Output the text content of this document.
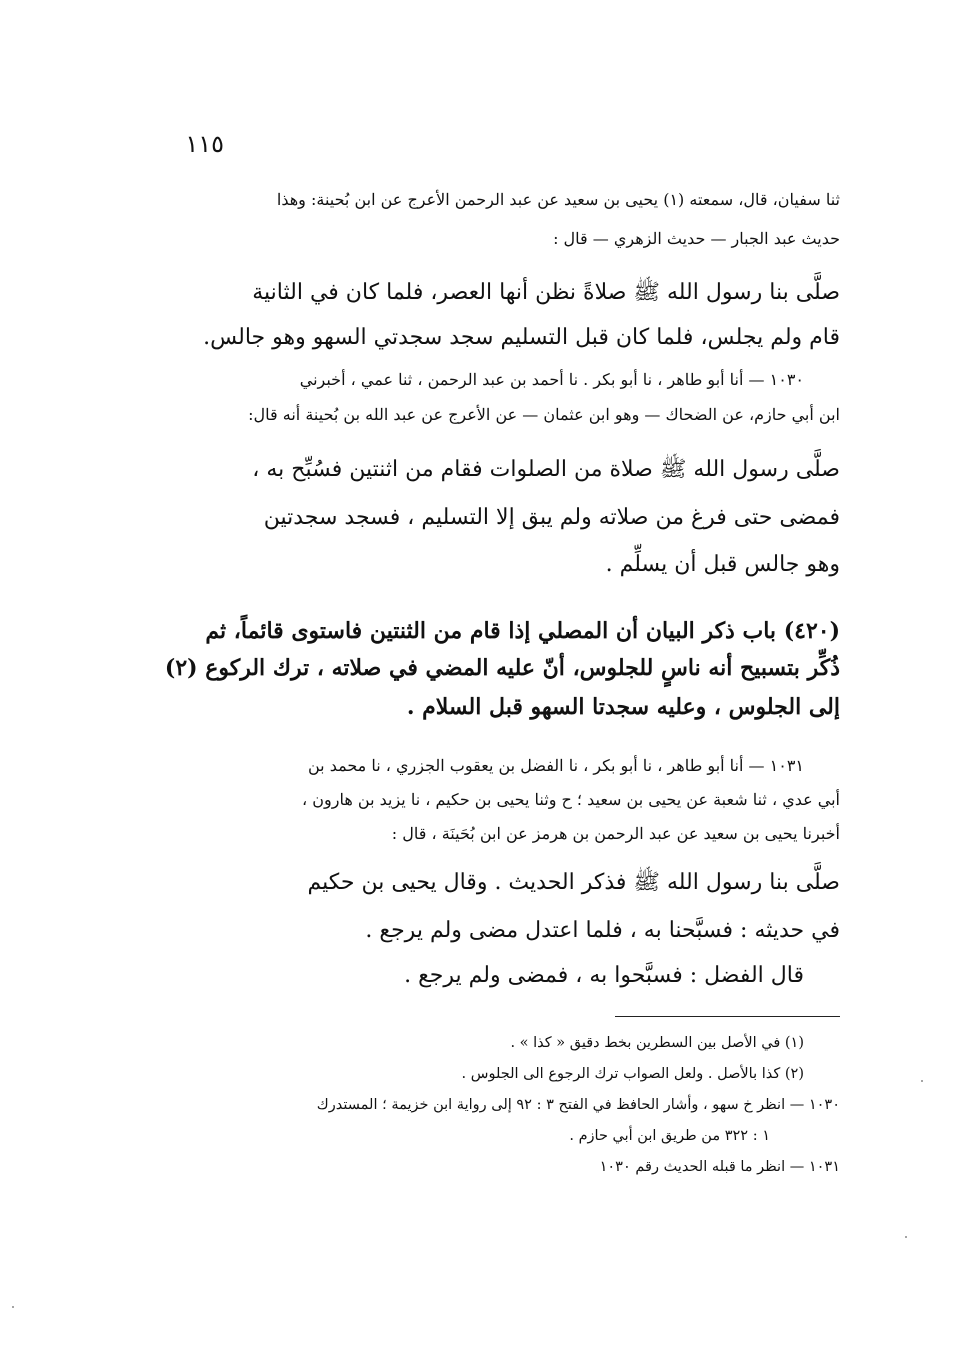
١١٥
ثنا سفيان، قال، سمعته (١) يحيى بن سعيد عن عبد الرحمن الأعرج عن ابن بُحينة: وهذا
حديث عبد الجبار — حديث الزهري — قال :
صلَّى بنا رسول الله ﷺ صلاةً نظن أنها العصر، فلما كان في الثانية
قام ولم يجلس، فلما كان قبل التسليم سجد سجدتي السهو وهو جالس.
١٠٣٠ — أنا أبو طاهر ، نا أبو بكر . نا أحمد بن عبد الرحمن ، ثنا عمي ، أخبرني
ابن أبي حازم، عن الضحاك — وهو ابن عثمان — عن الأعرج عن عبد الله بن بُحينة أنه قال:
صلَّى رسول الله ﷺ صلاة من الصلوات فقام من اثنتين فسُبِّح به ،
فمضى حتى فرغ من صلاته ولم يبق إلا التسليم ، فسجد سجدتين
وهو جالس قبل أن يسلِّم .
(٤٢٠) باب ذكر البيان أن المصلي إذا قام من الثنتين فاستوى قائماً، ثم
ذُكِّر بتسبيح أنه ناسٍ للجلوس، أنّ عليه المضي في صلاته ، ترك الركوع (٢)
إلى الجلوس ، وعليه سجدتا السهو قبل السلام .
١٠٣١ — أنا أبو طاهر ، نا أبو بكر ، نا الفضل بن يعقوب الجزري ، نا محمد بن
أبي عدي ، ثنا شعبة عن يحيى بن سعيد ؛ ح وثنا يحيى بن حكيم ، نا يزيد بن هارون ،
أخبرنا يحيى بن سعيد عن عبد الرحمن بن هرمز عن ابن بُحَينَة ، قال :
صلَّى بنا رسول الله ﷺ فذكر الحديث . وقال يحيى بن حكيم
في حديثه : فسبَّحنا به ، فلما اعتدل مضى ولم يرجع .
قال الفضل : فسبَّحوا به ، فمضى ولم يرجع .
(١) في الأصل بين السطرين بخط دقيق « كذا » .
(٢) كذا بالأصل . ولعل الصواب ترك الرجوع الى الجلوس .
١٠٣٠ — انظر خ سهو ، وأشار الحافظ في الفتح ٣ : ٩٢ إلى رواية ابن خزيمة ؛ المستدرك
١ : ٣٢٢ من طريق ابن أبي حازم .
١٠٣١ — انظر ما قبله الحديث رقم ١٠٣٠
